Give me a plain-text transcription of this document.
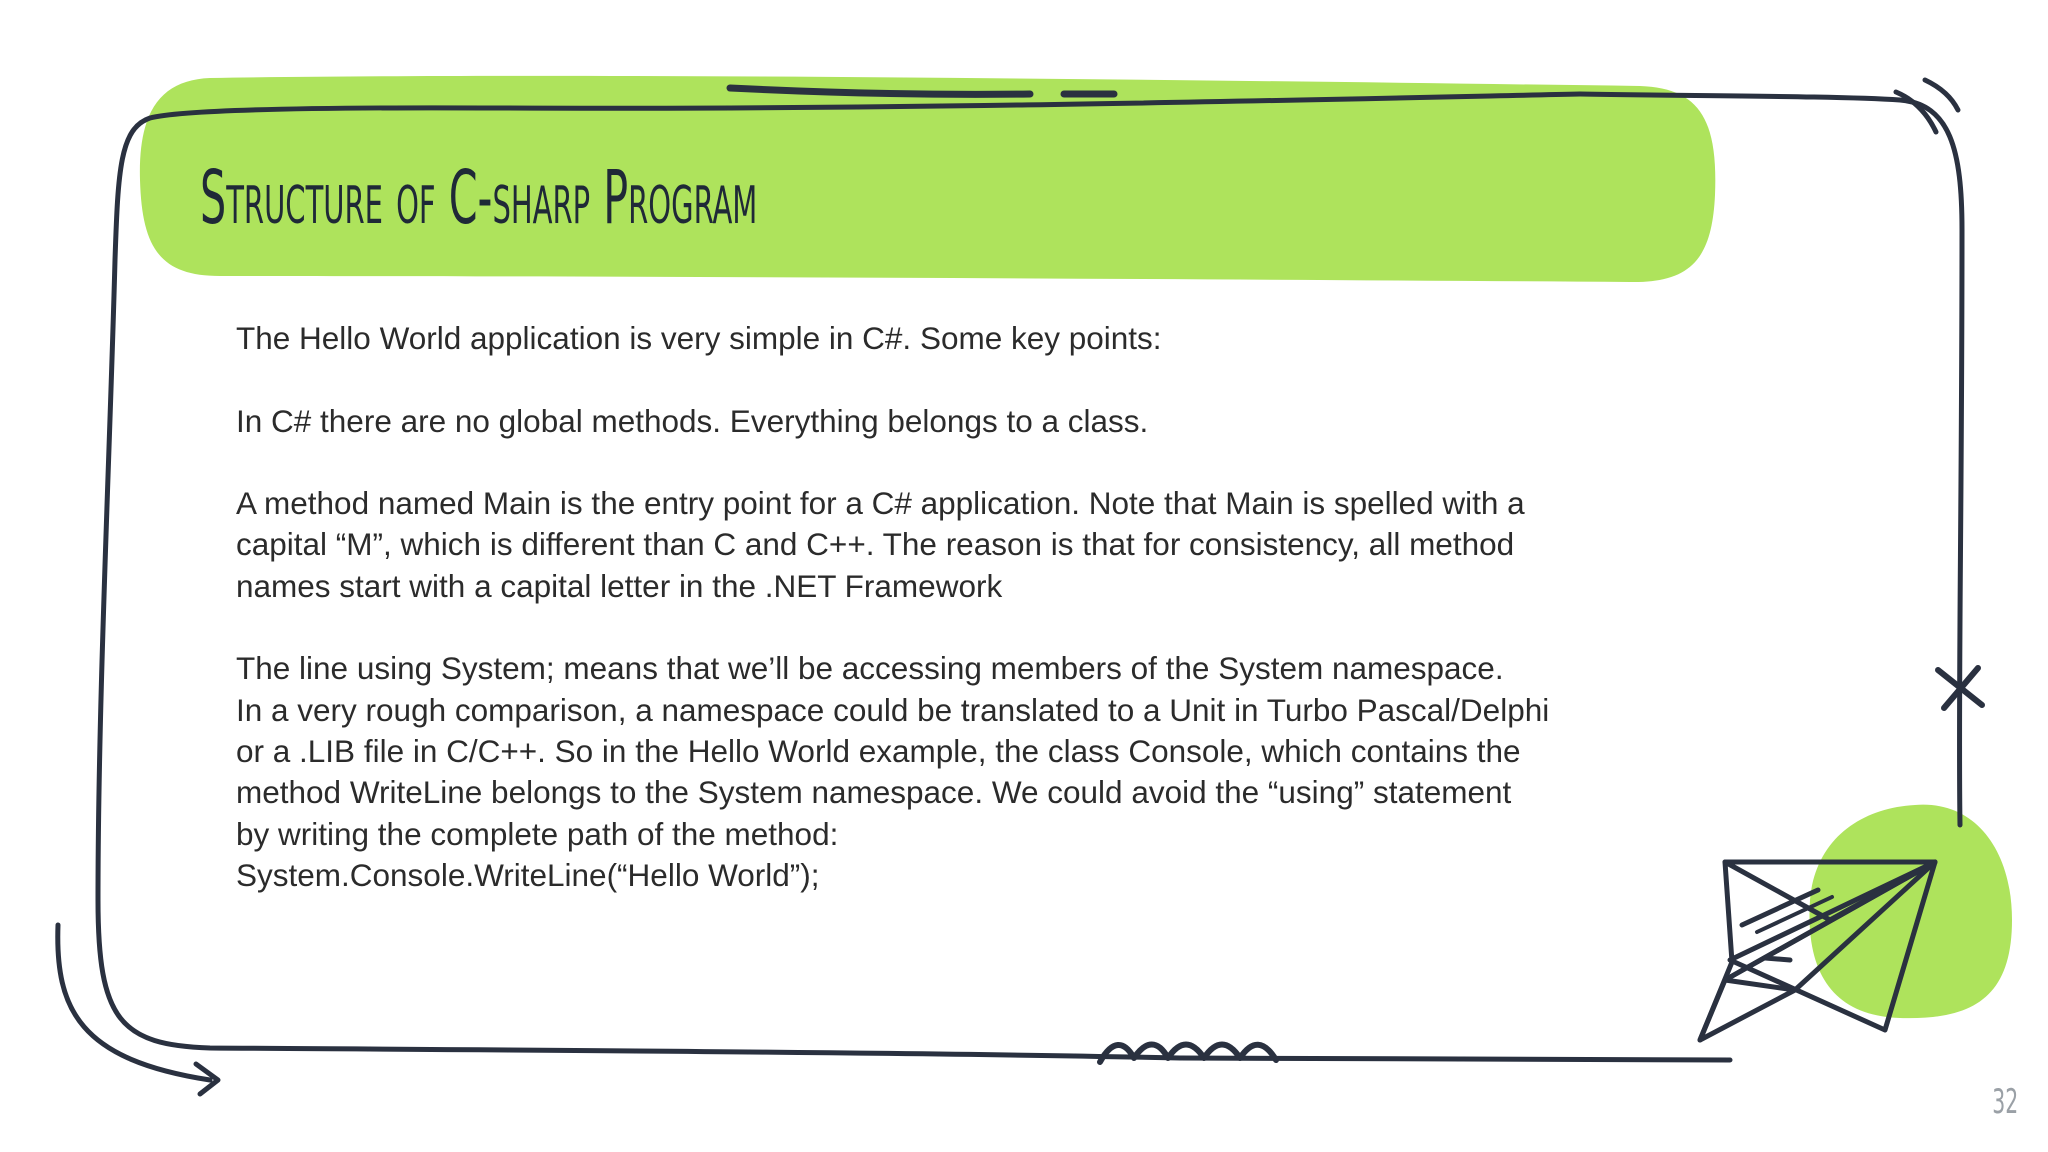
Structure of C-sharp Program

The Hello World application is very simple in C#. Some key points:

In C# there are no global methods. Everything belongs to a class.

A method named Main is the entry point for a C# application. Note that Main is spelled with a
capital “M”, which is different than C and C++. The reason is that for consistency, all method
names start with a capital letter in the .NET Framework

The line using System; means that we’ll be accessing members of the System namespace.
In a very rough comparison, a namespace could be translated to a Unit in Turbo Pascal/Delphi
or a .LIB file in C/C++. So in the Hello World example, the class Console, which contains the
method WriteLine belongs to the System namespace. We could avoid the “using” statement
by writing the complete path of the method:
System.Console.WriteLine(“Hello World”);

32
